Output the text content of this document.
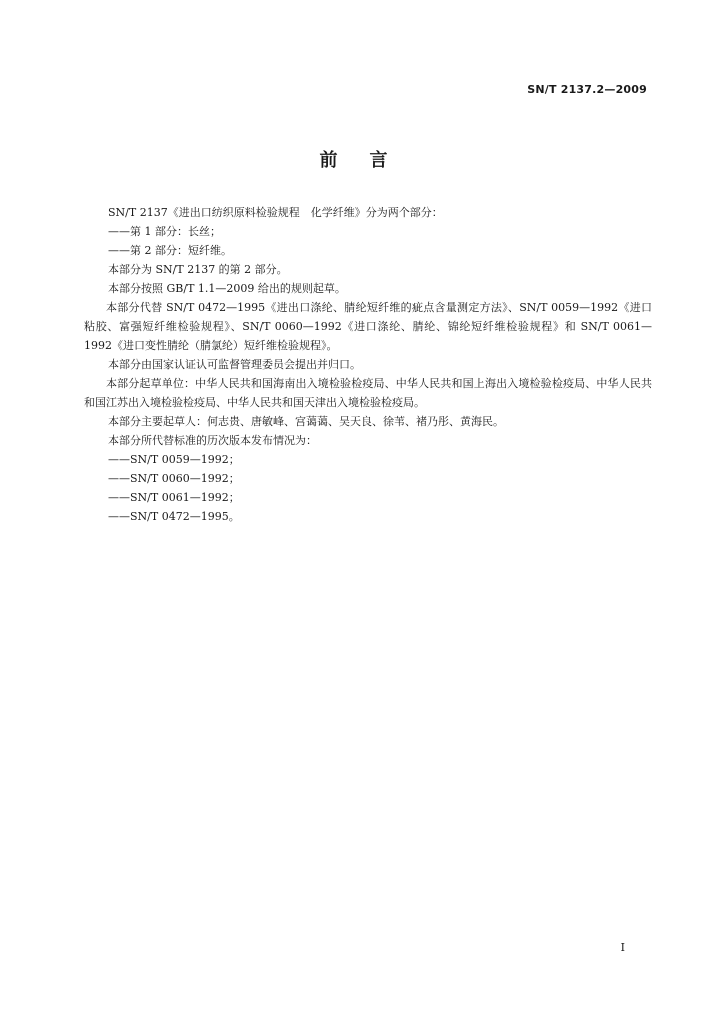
SN/T 2137.2—2009
前言

SN/T 2137《进出口纺织原料检验规程　化学纤维》分为两个部分：

——第 1 部分：长丝；

——第 2 部分：短纤维。

本部分为 SN/T 2137 的第 2 部分。

本部分按照 GB/T 1.1—2009 给出的规则起草。

本部分代替 SN/T 0472—1995《进出口涤纶、腈纶短纤维的疵点含量测定方法》、SN/T 0059—1992《进口粘胶、富强短纤维检验规程》、SN/T 0060—1992《进口涤纶、腈纶、锦纶短纤维检验规程》和 SN/T 0061—1992《进口变性腈纶（腈氯纶）短纤维检验规程》。

本部分由国家认证认可监督管理委员会提出并归口。

本部分起草单位：中华人民共和国海南出入境检验检疫局、中华人民共和国上海出入境检验检疫局、中华人民共和国江苏出入境检验检疫局、中华人民共和国天津出入境检验检疫局。

本部分主要起草人：何志贵、唐敏峰、宫蔼蔼、吴天良、徐苇、褚乃彤、黄海民。

本部分所代替标准的历次版本发布情况为：

——SN/T 0059—1992；

——SN/T 0060—1992；

——SN/T 0061—1992；

——SN/T 0472—1995。

I
